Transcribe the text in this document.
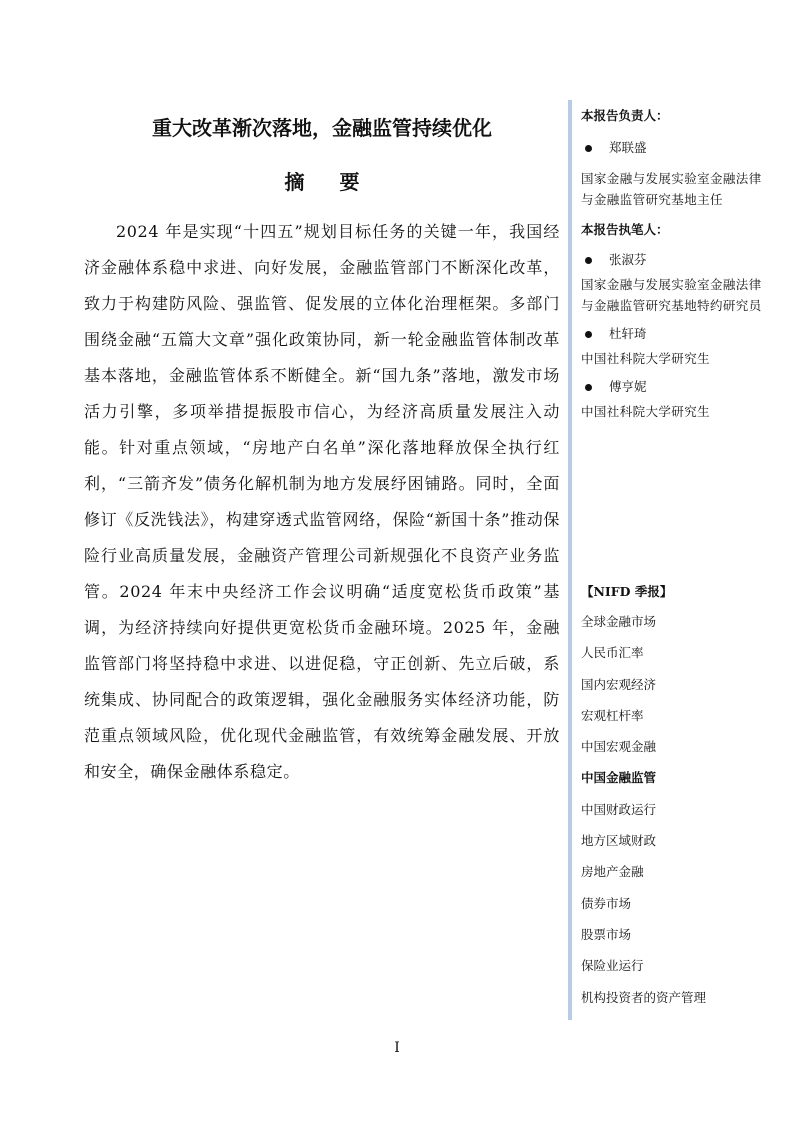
重大改革渐次落地，金融监管持续优化
摘 要

2024 年是实现“十四五”规划目标任务的关键一年，我国经济金融体系稳中求进、向好发展，金融监管部门不断深化改革，致力于构建防风险、强监管、促发展的立体化治理框架。多部门围绕金融“五篇大文章”强化政策协同，新一轮金融监管体制改革基本落地，金融监管体系不断健全。新“国九条”落地，激发市场活力引擎，多项举措提振股市信心，为经济高质量发展注入动能。针对重点领域，“房地产白名单”深化落地释放保全执行红利，“三箭齐发”债务化解机制为地方发展纾困铺路。同时，全面修订《反洗钱法》，构建穿透式监管网络，保险“新国十条”推动保险行业高质量发展，金融资产管理公司新规强化不良资产业务监管。2024 年末中央经济工作会议明确“适度宽松货币政策”基调，为经济持续向好提供更宽松货币金融环境。2025 年，金融监管部门将坚持稳中求进、以进促稳，守正创新、先立后破，系统集成、协同配合的政策逻辑，强化金融服务实体经济功能，防范重点领域风险，优化现代金融监管，有效统筹金融发展、开放和安全，确保金融体系稳定。

本报告负责人：

郑联盛

国家金融与发展实验室金融法律与金融监管研究基地主任

本报告执笔人：

张淑芬

国家金融与发展实验室金融法律与金融监管研究基地特约研究员

杜轩琦

中国社科院大学研究生

傅亨妮

中国社科院大学研究生

【NIFD 季报】

全球金融市场
人民币汇率
国内宏观经济
宏观杠杆率
中国宏观金融
中国金融监管
中国财政运行
地方区域财政
房地产金融
债券市场
股票市场
保险业运行
机构投资者的资产管理
I
